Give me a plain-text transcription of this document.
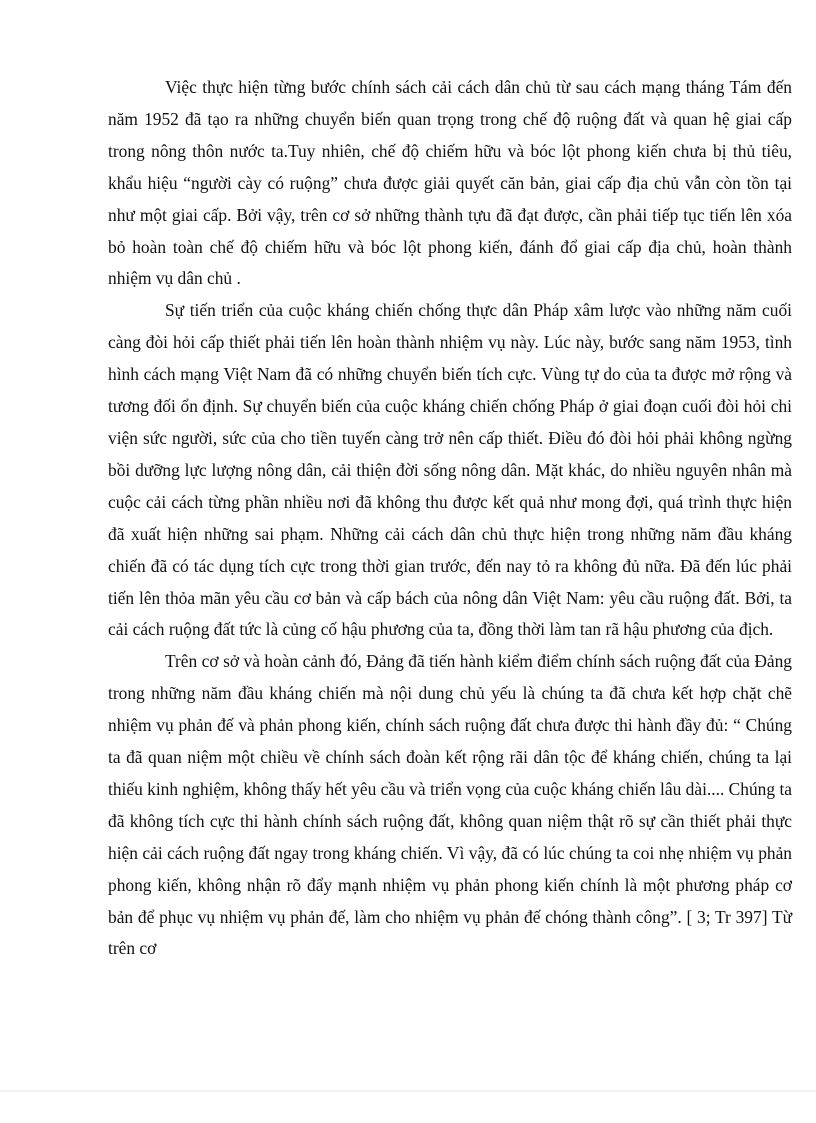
Việc thực hiện từng bước chính sách cải cách dân chủ từ sau cách mạng tháng Tám đến năm 1952 đã tạo ra những chuyển biến quan trọng trong chế độ ruộng đất và quan hệ giai cấp trong nông thôn nước ta.Tuy nhiên, chế độ chiếm hữu và bóc lột phong kiến chưa bị thủ tiêu, khẩu hiệu “người cày có ruộng” chưa được giải quyết căn bản, giai cấp địa chủ vẫn còn tồn tại như một giai cấp. Bởi vậy, trên cơ sở những thành tựu đã đạt được, cần phải tiếp tục tiến lên xóa bỏ hoàn toàn chế độ chiếm hữu và bóc lột phong kiến, đánh đổ giai cấp địa chủ, hoàn thành nhiệm vụ dân chủ .

Sự tiến triển của cuộc kháng chiến chống thực dân Pháp xâm lược vào những năm cuối càng đòi hỏi cấp thiết phải tiến lên hoàn thành nhiệm vụ này. Lúc này, bước sang năm 1953, tình hình cách mạng Việt Nam đã có những chuyển biến tích cực. Vùng tự do của ta được mở rộng và tương đối ổn định. Sự chuyển biến của cuộc kháng chiến chống Pháp ở giai đoạn cuối đòi hỏi chi viện sức người, sức của cho tiền tuyến càng trở nên cấp thiết. Điều đó đòi hỏi phải không ngừng bồi dưỡng lực lượng nông dân, cải thiện đời sống nông dân. Mặt khác, do nhiều nguyên nhân mà cuộc cải cách từng phần nhiều nơi đã không thu được kết quả như mong đợi, quá trình thực hiện đã xuất hiện những sai phạm. Những cải cách dân chủ thực hiện trong những năm đầu kháng chiến đã có tác dụng tích cực trong thời gian trước, đến nay tỏ ra không đủ nữa. Đã đến lúc phải tiến lên thỏa mãn yêu cầu cơ bản và cấp bách của nông dân Việt Nam: yêu cầu ruộng đất. Bởi, ta cải cách ruộng đất tức là củng cố hậu phương của ta, đồng thời làm tan rã hậu phương của địch.

Trên cơ sở và hoàn cảnh đó, Đảng đã tiến hành kiểm điểm chính sách ruộng đất của Đảng trong những năm đầu kháng chiến mà nội dung chủ yếu là chúng ta đã chưa kết hợp chặt chẽ nhiệm vụ phản đế và phản phong kiến, chính sách ruộng đất chưa được thi hành đầy đủ: “ Chúng ta đã quan niệm một chiều về chính sách đoàn kết rộng rãi dân tộc để kháng chiến, chúng ta lại thiếu kinh nghiệm, không thấy hết yêu cầu và triển vọng của cuộc kháng chiến lâu dài.... Chúng ta đã không tích cực thi hành chính sách ruộng đất, không quan niệm thật rõ sự cần thiết phải thực hiện cải cách ruộng đất ngay trong kháng chiến. Vì vậy, đã có lúc chúng ta coi nhẹ nhiệm vụ phản phong kiến, không nhận rõ đẩy mạnh nhiệm vụ phản phong kiến chính là một phương pháp cơ bản để phục vụ nhiệm vụ phản đế, làm cho nhiệm vụ phản đế chóng thành công”. [ 3; Tr 397] Từ trên cơ
